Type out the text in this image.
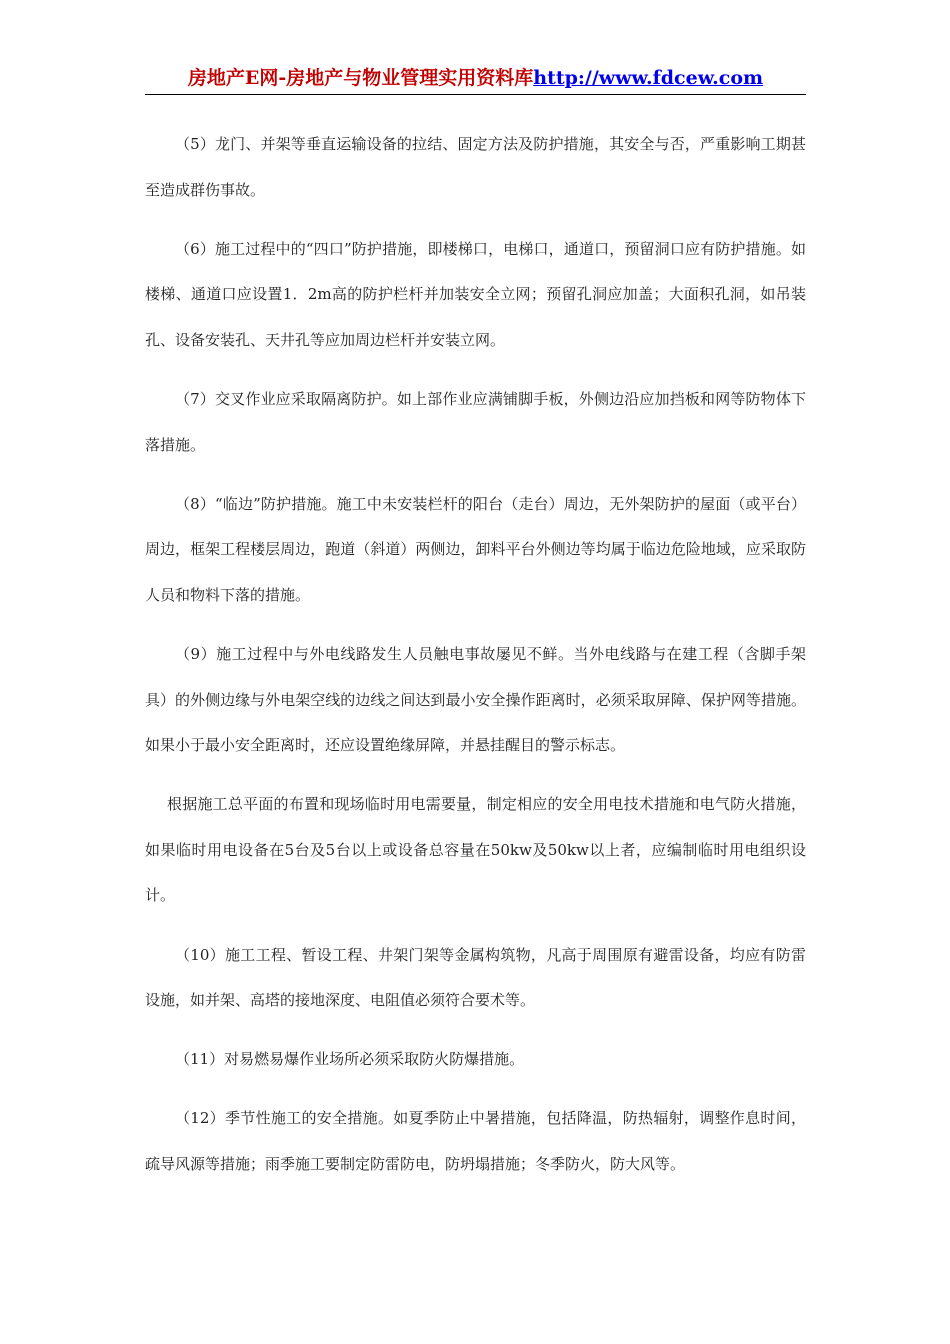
房地产E网-房地产与物业管理实用资料库http://www.fdcew.com

（5）龙门、并架等垂直运输设备的拉结、固定方法及防护措施，其安全与否，严重影响工期甚至造成群伤事故。

（6）施工过程中的“四口”防护措施，即楼梯口，电梯口，通道口，预留洞口应有防护措施。如楼梯、通道口应设置1．2m高的防护栏杆并加装安全立网；预留孔洞应加盖；大面积孔洞，如吊装孔、设备安装孔、天井孔等应加周边栏杆并安装立网。

（7）交叉作业应采取隔离防护。如上部作业应满铺脚手板，外侧边沿应加挡板和网等防物体下落措施。

（8）“临边”防护措施。施工中未安装栏杆的阳台（走台）周边，无外架防护的屋面（或平台）周边，框架工程楼层周边，跑道（斜道）两侧边，卸料平台外侧边等均属于临边危险地域，应采取防人员和物料下落的措施。

（9）施工过程中与外电线路发生人员触电事故屡见不鲜。当外电线路与在建工程（含脚手架具）的外侧边缘与外电架空线的边线之间达到最小安全操作距离时，必须采取屏障、保护网等措施。如果小于最小安全距离时，还应设置绝缘屏障，并悬挂醒目的警示标志。

根据施工总平面的布置和现场临时用电需要量，制定相应的安全用电技术措施和电气防火措施，如果临时用电设备在5台及5台以上或设备总容量在50kw及50kw以上者，应编制临时用电组织设计。

（10）施工工程、暂设工程、井架门架等金属构筑物，凡高于周围原有避雷设备，均应有防雷设施，如并架、高塔的接地深度、电阻值必须符合要术等。

（11）对易燃易爆作业场所必须采取防火防爆措施。

（12）季节性施工的安全措施。如夏季防止中暑措施，包括降温，防热辐射，调整作息时间，疏导风源等措施；雨季施工要制定防雷防电，防坍塌措施；冬季防火，防大风等。
